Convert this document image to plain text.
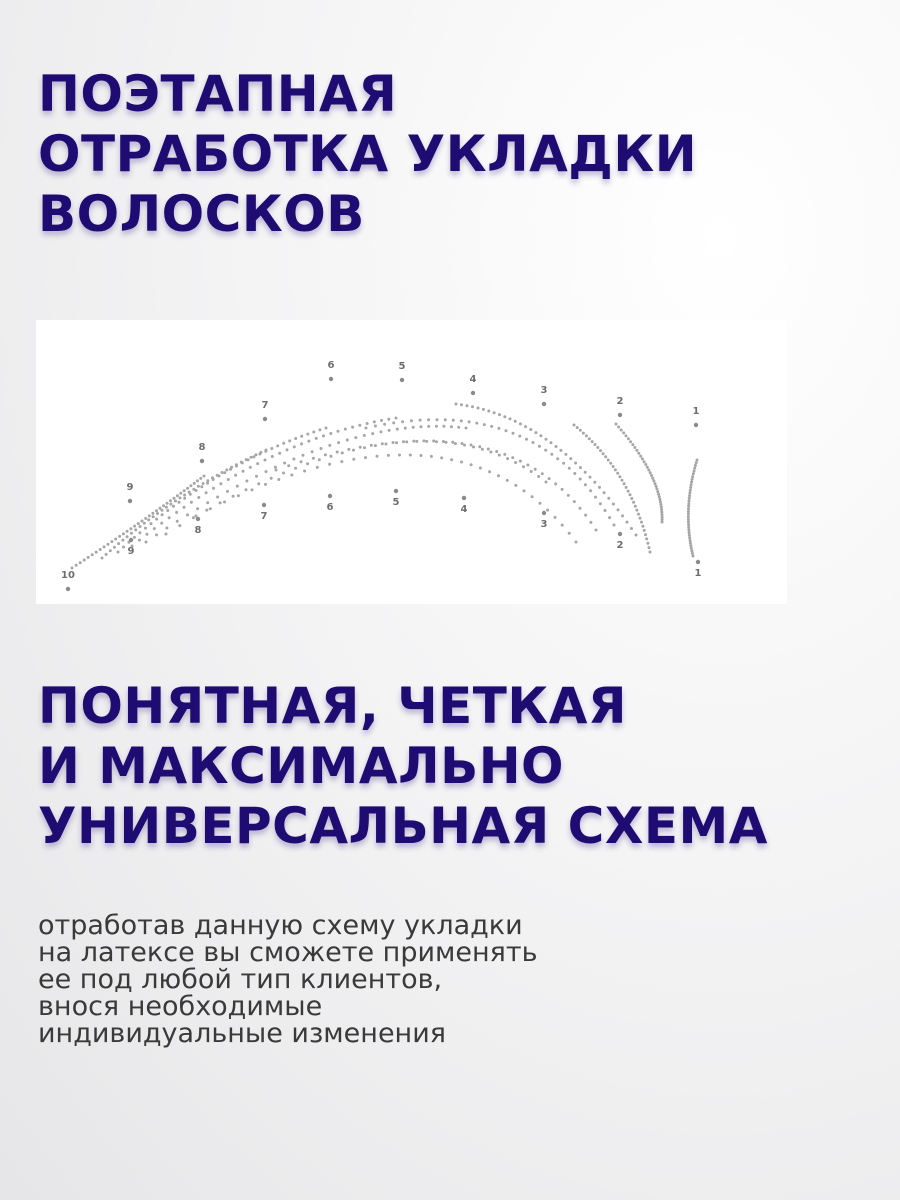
ПОЭТАПНАЯ
ОТРАБОТКА УКЛАДКИ
ВОЛОСКОВ
1
2
3
4
5
6
7
8
9
10	1
2
3
4
5
6
7
8
9
ПОНЯТНАЯ, ЧЕТКАЯ
И МАКСИМАЛЬНО
УНИВЕРСАЛЬНАЯ СХЕМА

отработав данную схему укладки
на латексе вы сможете применять
ее под любой тип клиентов,
внося необходимые
индивидуальные изменения
